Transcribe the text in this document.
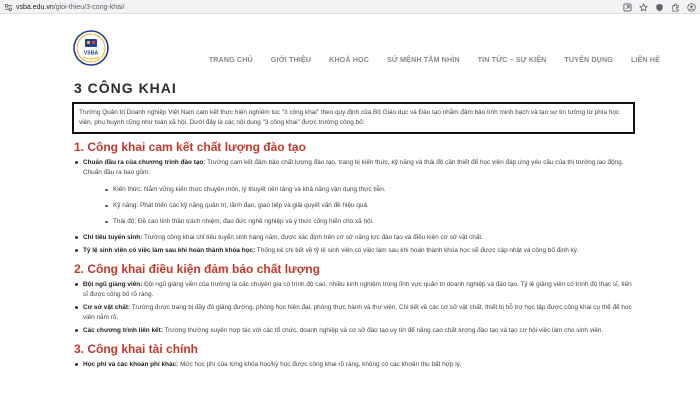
vsba.edu.vn /gioi-thieu/3-cong-khai/
VSBA
TRANG CHỦ	GIỚI THIỆU	KHOÁ HỌC	SỨ MỆNH TẦM NHÌN	TIN TỨC – SỰ KIỆN	TUYỂN DỤNG	LIÊN HỆ
3 CÔNG KHAI

Trường Quản trị Doanh nghiệp Việt Nam cam kết thực hiện nghiêm túc "3 công khai" theo quy định của Bộ Giáo dục và Đào tạo nhằm đảm bảo tính minh bạch và tạo sự tin tưởng từ phía học viên, phụ huynh cũng như toàn xã hội. Dưới đây là các nội dung "3 công khai" được trường công bố:

1. Công khai cam kết chất lượng đào tạo
Chuẩn đầu ra của chương trình đào tạo: Trường cam kết đảm bảo chất lượng đào tạo, trang bị kiến thức, kỹ năng và thái độ cần thiết để học viên đáp ứng yêu cầu của thị trường lao động. Chuẩn đầu ra bao gồm:
Kiến thức: Nắm vững kiến thức chuyên môn, lý thuyết nền tảng và khả năng vận dụng thực tiễn.
Kỹ năng: Phát triển các kỹ năng quản trị, lãnh đạo, giao tiếp và giải quyết vấn đề hiệu quả.
Thái độ: Đề cao tinh thần trách nhiệm, đạo đức nghề nghiệp và ý thức cống hiến cho xã hội.
Chỉ tiêu tuyển sinh: Trường công khai chỉ tiêu tuyển sinh hàng năm, được xác định trên cơ sở năng lực đào tạo và điều kiện cơ sở vật chất.
Tỷ lệ sinh viên có việc làm sau khi hoàn thành khóa học: Thống kê chi tiết về tỷ lệ sinh viên có việc làm sau khi hoàn thành khóa học sẽ được cập nhật và công bố định kỳ.
2. Công khai điều kiện đảm bảo chất lượng
Đội ngũ giảng viên: Đội ngũ giảng viên của trường là các chuyên gia có trình độ cao, nhiều kinh nghiệm trong lĩnh vực quản trị doanh nghiệp và đào tạo. Tỷ lệ giảng viên có trình độ thạc sĩ, tiến sĩ được công bố rõ ràng.
Cơ sở vật chất: Trường được trang bị đầy đủ giảng đường, phòng học hiện đại, phòng thực hành và thư viện. Chi tiết về các cơ sở vật chất, thiết bị hỗ trợ học tập được công khai cụ thể để học viên nắm rõ.
Các chương trình liên kết: Trường thường xuyên hợp tác với các tổ chức, doanh nghiệp và cơ sở đào tạo uy tín để nâng cao chất lượng đào tạo và tạo cơ hội việc làm cho sinh viên.
3. Công khai tài chính
Học phí và các khoản phí khác: Mức học phí của từng khóa học/kỳ học được công khai rõ ràng, không có các khoản thu bất hợp lý.
